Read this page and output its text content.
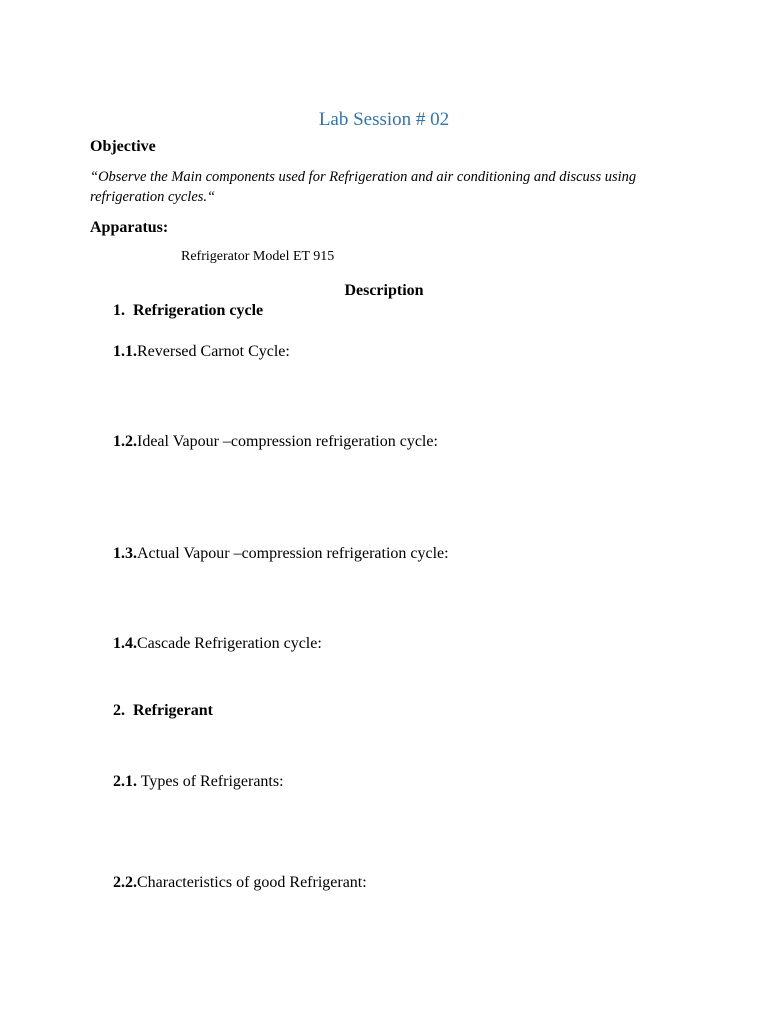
Lab Session # 02
Objective
“Observe the Main components used for Refrigeration and air conditioning and discuss using refrigeration cycles.“
Apparatus:
Refrigerator Model ET 915
Description
1. Refrigeration cycle
1.1.Reversed Carnot Cycle:
1.2.Ideal Vapour –compression refrigeration cycle:
1.3.Actual Vapour –compression refrigeration cycle:
1.4.Cascade Refrigeration cycle:
2. Refrigerant
2.1. Types of Refrigerants:
2.2.Characteristics of good Refrigerant:
